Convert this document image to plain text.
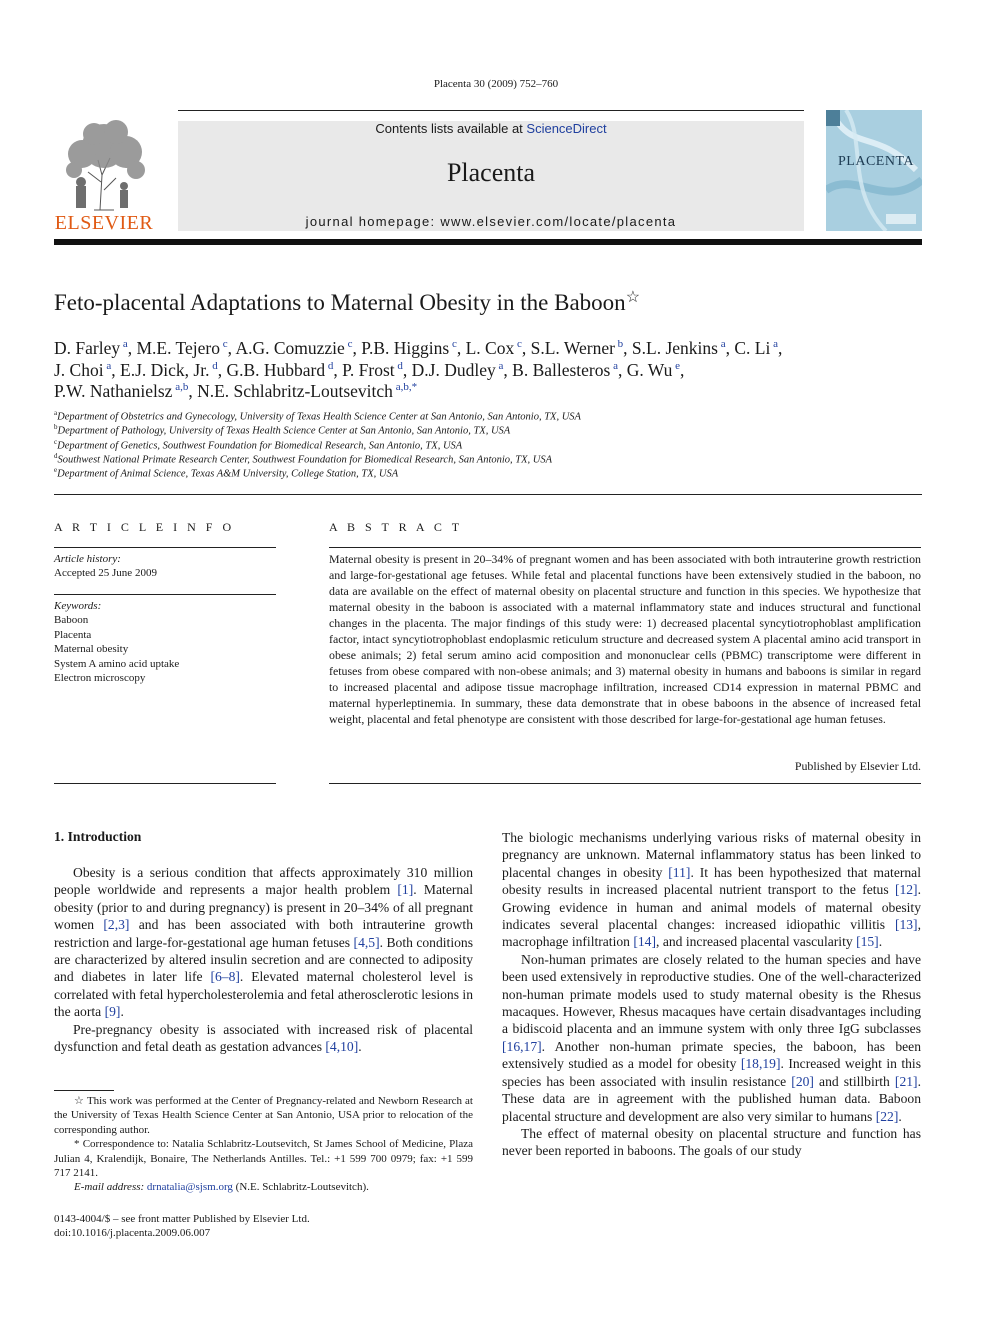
Placenta 30 (2009) 752–760
ELSEVIER
Contents lists available at ScienceDirect
Placenta
journal homepage: www.elsevier.com/locate/placenta
PLACENTA
Feto-placental Adaptations to Maternal Obesity in the Baboon☆
D. Farley $^a$, M.E. Tejero $^c$, A.G. Comuzzie $^c$, P.B. Higgins $^c$, L. Cox $^c$, S.L. Werner $^b$, S.L. Jenkins $^a$, C. Li $^a$,
J. Choi $^a$, E.J. Dick, Jr. $^d$, G.B. Hubbard $^d$, P. Frost $^d$, D.J. Dudley $^a$, B. Ballesteros $^a$, G. Wu $^e$,
P.W. Nathanielsz $^{a,b}$, N.E. Schlabritz-Loutsevitch $^{a,b,*}$
$^a$Department of Obstetrics and Gynecology, University of Texas Health Science Center at San Antonio, San Antonio, TX, USA
$^b$Department of Pathology, University of Texas Health Science Center at San Antonio, San Antonio, TX, USA
$^c$Department of Genetics, Southwest Foundation for Biomedical Research, San Antonio, TX, USA
$^d$Southwest National Primate Research Center, Southwest Foundation for Biomedical Research, San Antonio, TX, USA
$^e$Department of Animal Science, Texas A&M University, College Station, TX, USA
A R T I C L E I N F O
Article history:
Accepted 25 June 2009
Keywords:
Baboon
Placenta
Maternal obesity
System A amino acid uptake
Electron microscopy
A B S T R A C T
Maternal obesity is present in 20–34% of pregnant women and has been associated with both intrauterine growth restriction and large-for-gestational age fetuses. While fetal and placental functions have been extensively studied in the baboon, no data are available on the effect of maternal obesity on placental structure and function in this species. We hypothesize that maternal obesity in the baboon is associated with a maternal inflammatory state and induces structural and functional changes in the placenta. The major findings of this study were: 1) decreased placental syncytiotrophoblast amplification factor, intact syncytiotrophoblast endoplasmic reticulum structure and decreased system A placental amino acid transport in obese animals; 2) fetal serum amino acid composition and mononuclear cells (PBMC) transcriptome were different in fetuses from obese compared with non-obese animals; and 3) maternal obesity in humans and baboons is similar in regard to increased placental and adipose tissue macrophage infiltration, increased CD14 expression in maternal PBMC and maternal hyperleptinemia. In summary, these data demonstrate that in obese baboons in the absence of increased fetal weight, placental and fetal phenotype are consistent with those described for large-for-gestational age human fetuses.
Published by Elsevier Ltd.
1. Introduction

Obesity is a serious condition that affects approximately 310 million people worldwide and represents a major health problem [1]. Maternal obesity (prior to and during pregnancy) is present in 20–34% of all pregnant women [2,3] and has been associated with both intrauterine growth restriction and large-for-gestational age human fetuses [4,5]. Both conditions are characterized by altered insulin secretion and are connected to adiposity and diabetes in later life [6–8]. Elevated maternal cholesterol level is correlated with fetal hypercholesterolemia and fetal atherosclerotic lesions in the aorta [9].

Pre-pregnancy obesity is associated with increased risk of placental dysfunction and fetal death as gestation advances [4,10].

The biologic mechanisms underlying various risks of maternal obesity in pregnancy are unknown. Maternal inflammatory status has been linked to placental changes in obesity [11]. It has been hypothesized that maternal obesity results in increased placental nutrient transport to the fetus [12]. Growing evidence in human and animal models of maternal obesity indicates several placental changes: increased idiopathic villitis [13], macrophage infiltration [14], and increased placental vascularity [15].

Non-human primates are closely related to the human species and have been used extensively in reproductive studies. One of the well-characterized non-human primate models used to study maternal obesity is the Rhesus macaques. However, Rhesus macaques have certain disadvantages including a bidiscoid placenta and an immune system with only three IgG subclasses [16,17]. Another non-human primate species, the baboon, has been extensively studied as a model for obesity [18,19]. Increased weight in this species has been associated with insulin resistance [20] and stillbirth [21]. These data are in agreement with the published human data. Baboon placental structure and development are also very similar to humans [22].

The effect of maternal obesity on placental structure and function has never been reported in baboons. The goals of our study

☆ This work was performed at the Center of Pregnancy-related and Newborn Research at the University of Texas Health Science Center at San Antonio, USA prior to relocation of the corresponding author.

* Correspondence to: Natalia Schlabritz-Loutsevitch, St James School of Medicine, Plaza Julian 4, Kralendijk, Bonaire, The Netherlands Antilles. Tel.: +1 599 700 0979; fax: +1 599 717 2141.

E-mail address: drnatalia@sjsm.org (N.E. Schlabritz-Loutsevitch).

0143-4004/$ – see front matter Published by Elsevier Ltd.
doi:10.1016/j.placenta.2009.06.007
